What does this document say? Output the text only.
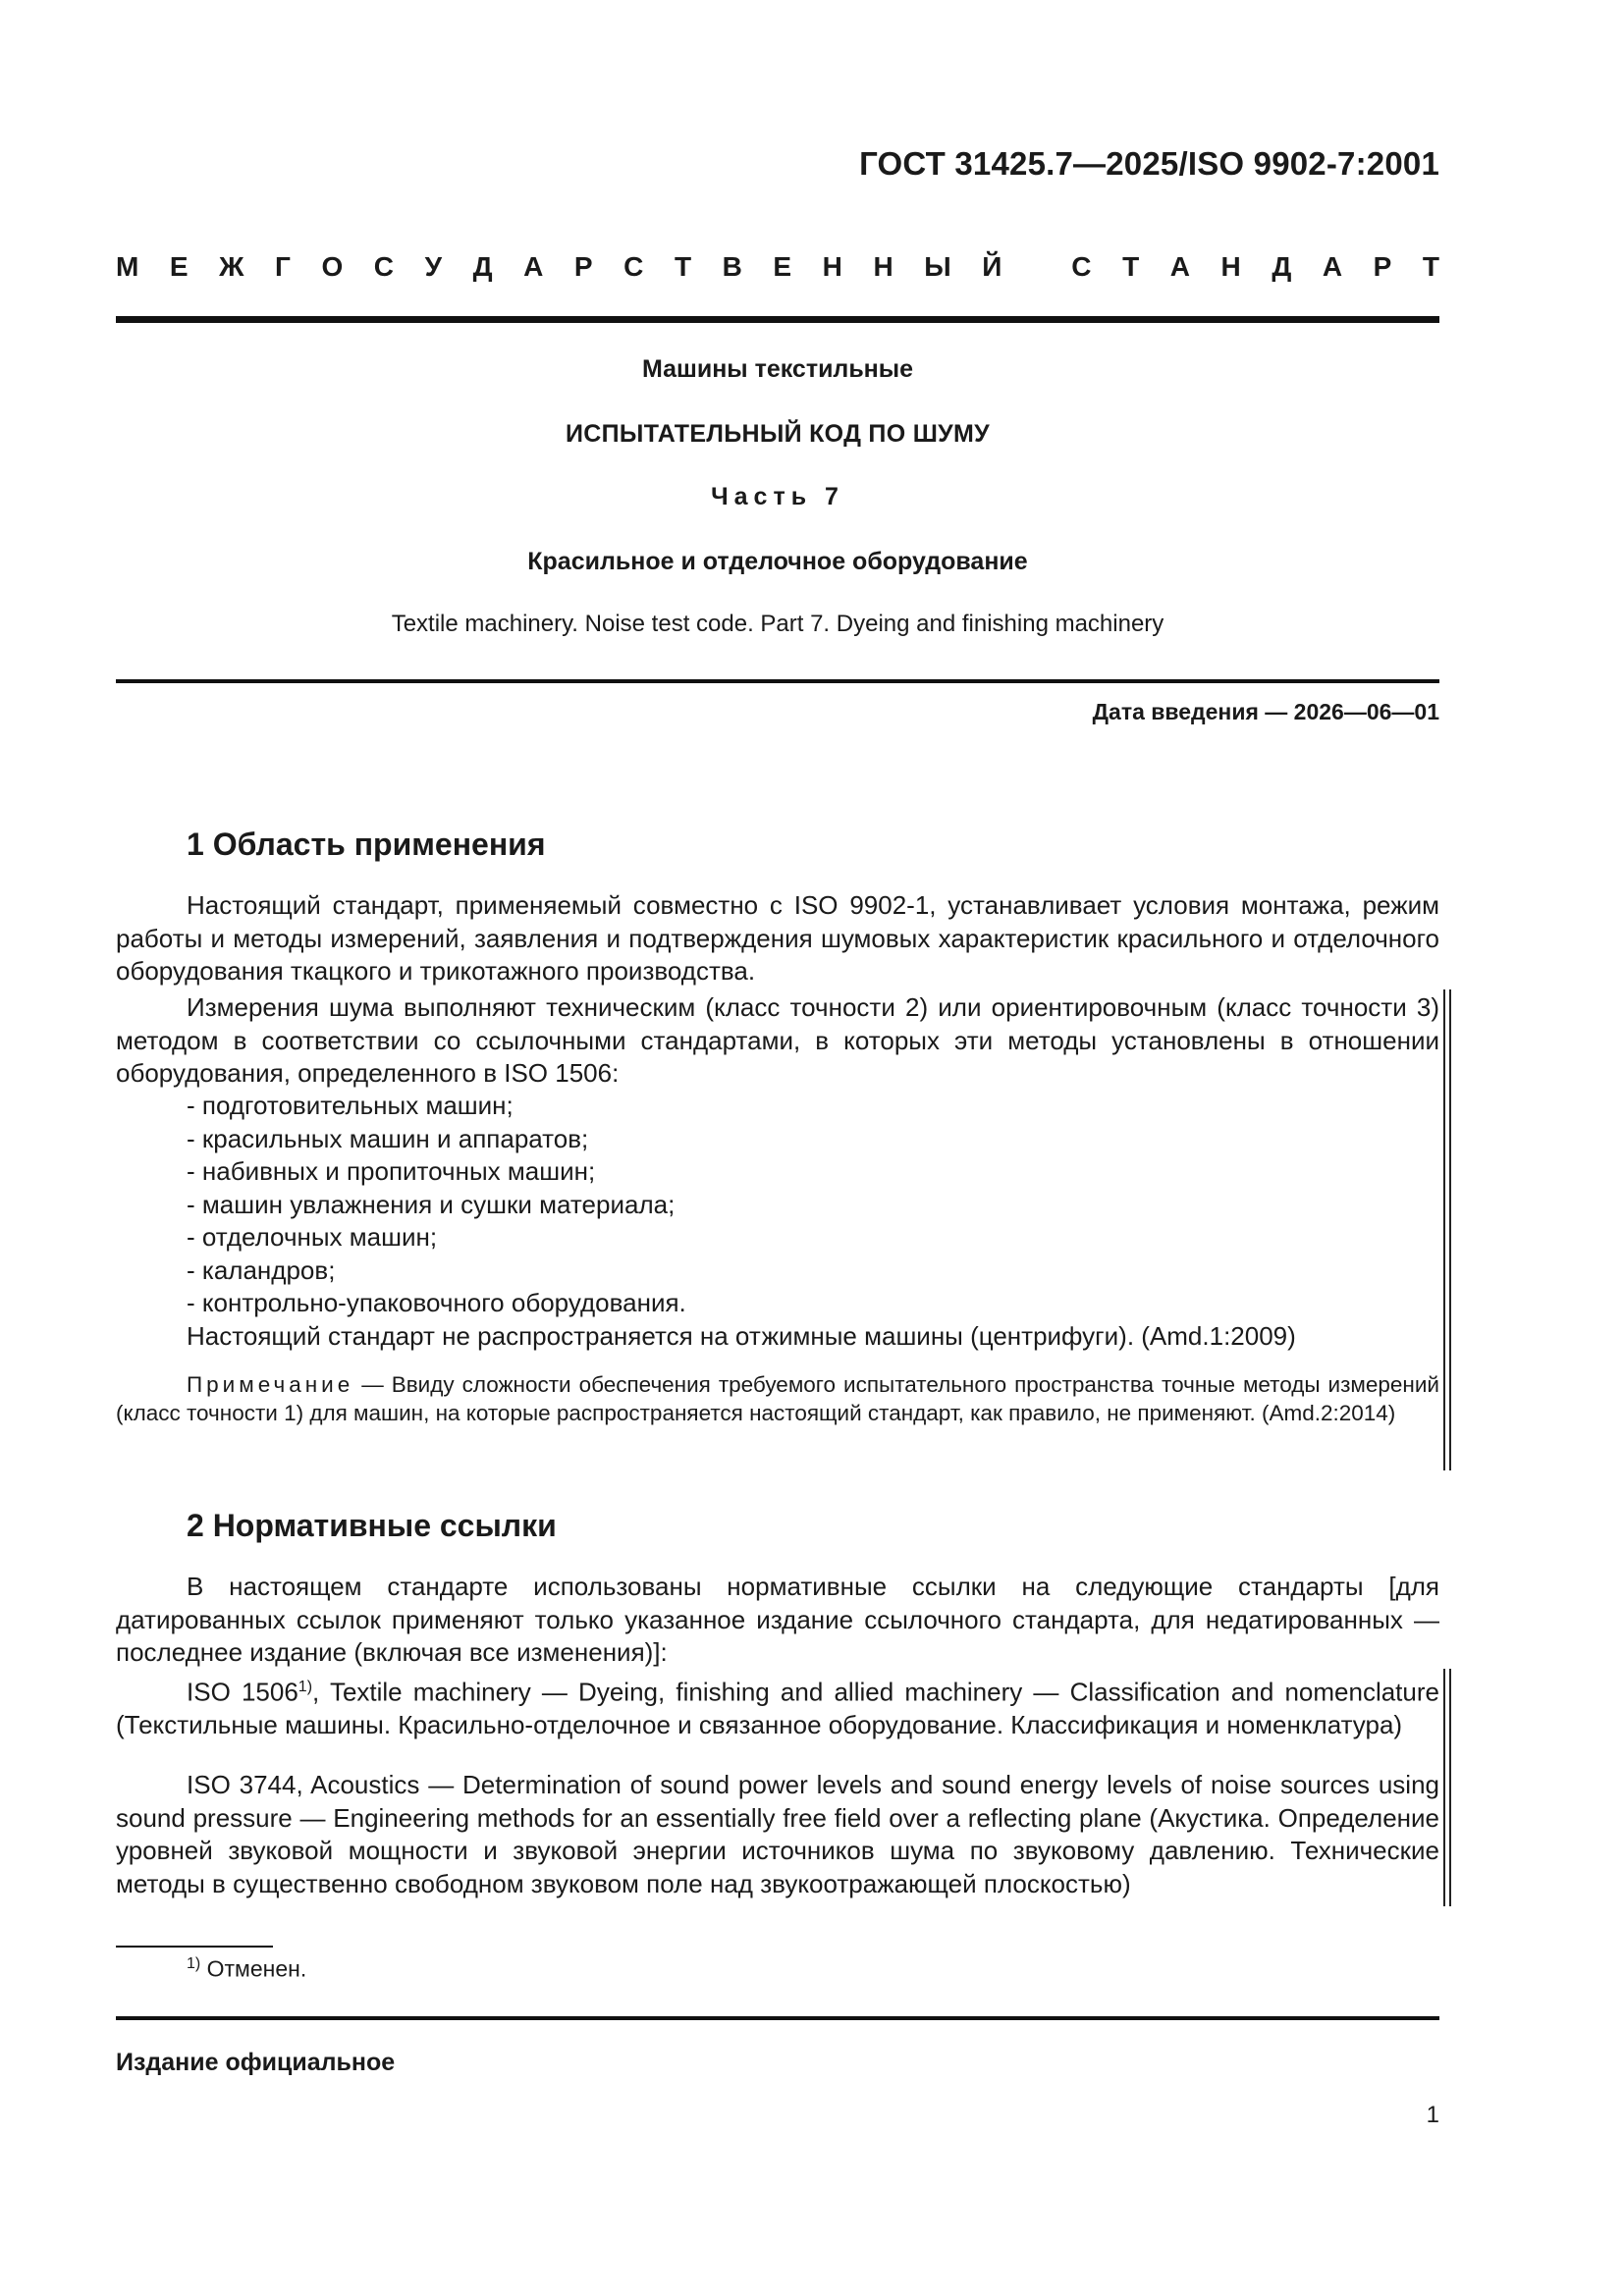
ГОСТ 31425.7—2025/ISO 9902-7:2001
М Е Ж Г О С У Д А Р С Т В Е Н Н Ы Й
	С Т А Н Д А Р Т
Машины текстильные
ИСПЫТАТЕЛЬНЫЙ КОД ПО ШУМУ
Часть 7
Красильное и отделочное оборудование
Textile machinery. Noise test code. Part 7. Dyeing and finishing machinery
Дата введения — 2026—06—01
1 Область применения

Настоящий стандарт, применяемый совместно с ISO 9902-1, устанавливает условия монтажа, режим работы и методы измерений, заявления и подтверждения шумовых характеристик красильного и отделочного оборудования ткацкого и трикотажного производства.

Измерения шума выполняют техническим (класс точности 2) или ориентировочным (класс точности 3) методом в соответствии со ссылочными стандартами, в которых эти методы установлены в отношении оборудования, определенного в ISO 1506:

- подготовительных машин;
- красильных машин и аппаратов;
- набивных и пропиточных машин;
- машин увлажнения и сушки материала;
- отделочных машин;
- каландров;
- контрольно-упаковочного оборудования.

Настоящий стандарт не распространяется на отжимные машины (центрифуги). (Amd.1:2009)

Примечание — Ввиду сложности обеспечения требуемого испытательного пространства точные методы измерений (класс точности 1) для машин, на которые распространяется настоящий стандарт, как правило, не применяют. (Amd.2:2014)

2 Нормативные ссылки

В настоящем стандарте использованы нормативные ссылки на следующие стандарты [для датированных ссылок применяют только указанное издание ссылочного стандарта, для недатированных — последнее издание (включая все изменения)]:

ISO 1506$^{1)}$, Textile machinery — Dyeing, finishing and allied machinery — Classification and nomenclature (Текстильные машины. Красильно-отделочное и связанное оборудование. Классификация и номенклатура)

ISO 3744, Acoustics — Determination of sound power levels and sound energy levels of noise sources using sound pressure — Engineering methods for an essentially free field over a reflecting plane (Акустика. Определение уровней звуковой мощности и звуковой энергии источников шума по звуковому давлению. Технические методы в существенно свободном звуковом поле над звукоотражающей плоскостью)

$^{1)}$ Отменен.
Издание официальное
1
